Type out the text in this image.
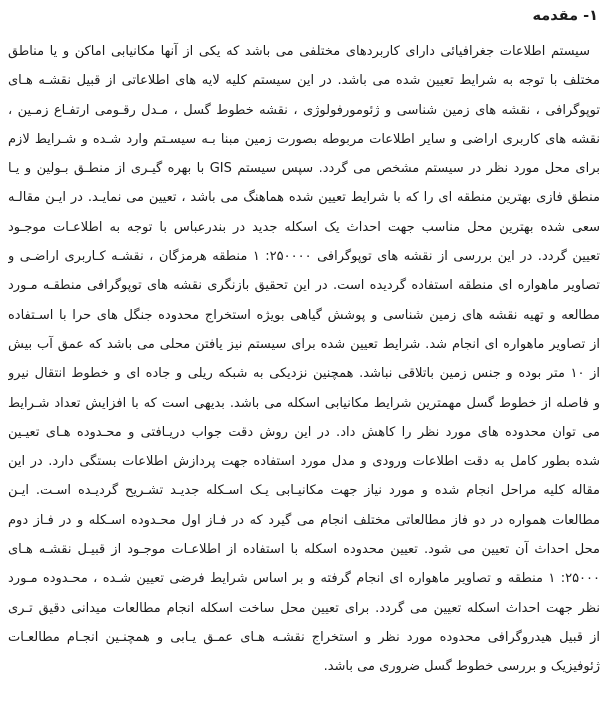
۱- مقدمه
سیستم اطلاعات جغرافیائی دارای کاربردهای مختلفی می باشد که یکی از آنها مکانیابی اماکن و یا مناطق
مختلف با توجه به شرایط تعیین شده می باشد. در این سیستم کلیه لایه های اطلاعاتی از قبیل نقشـه هـای
توپوگرافی ، نقشه های زمین شناسی و ژئومورفولوژی ، نقشه خطوط گسل ، مـدل رقـومی ارتفـاع زمـین ،
نقشه های کاربری اراضی و سایر اطلاعات مربوطه بصورت زمین مبنا بـه سیسـتم وارد شـده و شـرایط لازم
برای محل مورد نظر در سیستم مشخص می گردد. سپس سیستم GIS با بهره گیـری از منطـق بـولین و یـا
منطق فازی بهترین منطقه ای را که با شرایط تعیین شده هماهنگ می باشد ، تعیین می نمایـد. در ایـن مقالـه
سعی شده بهترین محل مناسب جهت احداث یک اسکله جدید در بندرعباس با توجه به اطلاعـات موجـود
تعیین گردد. در این بررسی از نقشه های توپوگرافی ۲۵۰۰۰۰: ۱ منطقه هرمزگان ، نقشـه کـاربری اراضـی و
تصاویر ماهواره ای منطقه استفاده گردیده است. در این تحقیق بازنگری نقشه های توپوگرافی منطقـه مـورد
مطالعه و تهیه نقشه های زمین شناسی و پوشش گیاهی بویژه استخراج محدوده جنگل های حرا با اسـتفاده
از تصاویر ماهواره ای انجام شد. شرایط تعیین شده برای سیستم نیز یافتن محلی می باشد که عمق آب بیش
از ۱۰ متر بوده و جنس زمین باتلاقی نباشد. همچنین نزدیکی به شبکه ریلی و جاده ای و خطوط انتقال نیرو
و فاصله از خطوط گسل مهمترین شرایط مکانیابی اسکله می باشد. بدیهی است که با افزایش تعداد شـرایط
می توان محدوده های مورد نظر را کاهش داد. در این روش دقت جواب دریـافتی و محـدوده هـای تعیـین
شده بطور کامل به دقت اطلاعات ورودی و مدل مورد استفاده جهت پردازش اطلاعات بستگی دارد. در این
مقاله کلیه مراحل انجام شده و مورد نیاز جهت مکانیـابی یـک اسـکله جدیـد تشـریح گردیـده اسـت. ایـن
مطالعات همواره در دو فاز مطالعاتی مختلف انجام می گیرد که در فـاز اول محـدوده اسـکله و در فـاز دوم
محل احداث آن تعیین می شود. تعیین محدوده اسکله با استفاده از اطلاعـات موجـود از قبیـل نقشـه هـای
۲۵۰۰۰: ۱ منطقه و تصاویر ماهواره ای انجام گرفته و بر اساس شرایط فرضی تعیین شـده ، محـدوده مـورد
نظر جهت احداث اسکله تعیین می گردد. برای تعیین محل ساخت اسکله انجام مطالعات میدانی دقیق تـری
از قبیل هیدروگرافی محدوده مورد نظر و استخراج نقشـه هـای عمـق یـابی و همچنـین انجـام مطالعـات
ژئوفیزیک و بررسی خطوط گسل ضروری می باشد.
